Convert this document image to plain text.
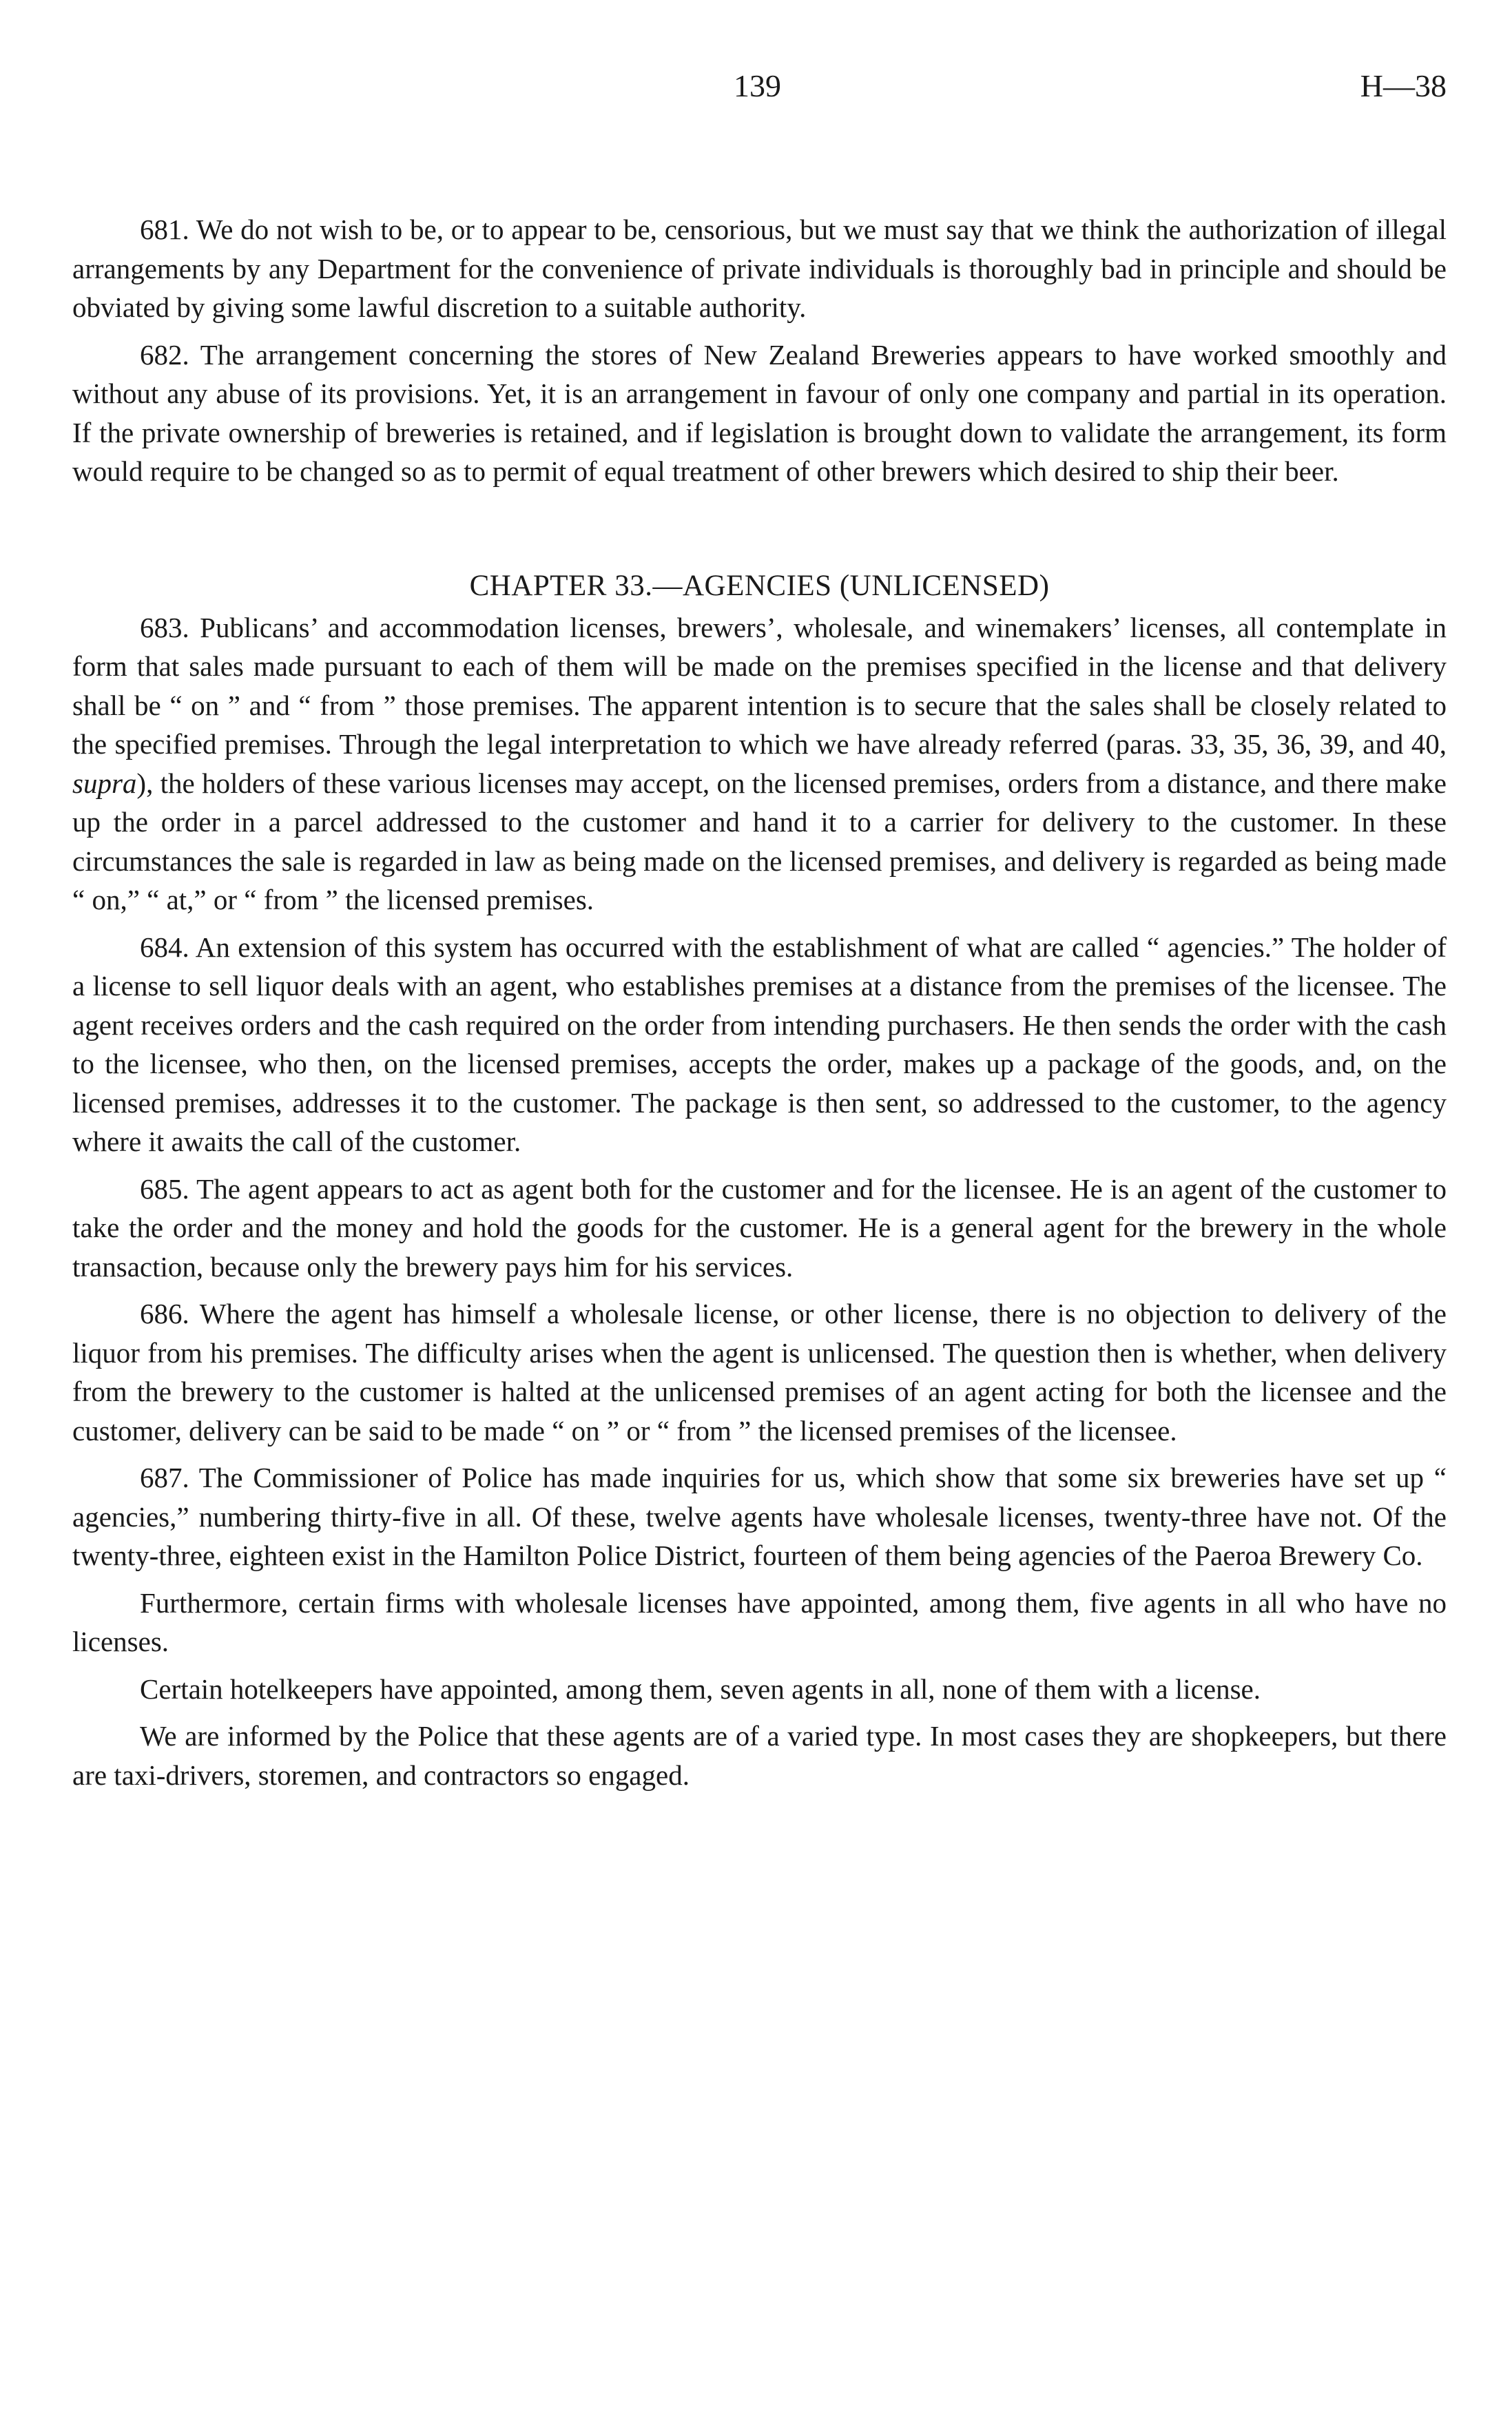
139	H—38

681. We do not wish to be, or to appear to be, censorious, but we must say that we think the authorization of illegal arrangements by any Department for the convenience of private individuals is thoroughly bad in principle and should be obviated by giving some lawful discretion to a suitable authority.

682. The arrangement concerning the stores of New Zealand Breweries appears to have worked smoothly and without any abuse of its provisions. Yet, it is an arrangement in favour of only one company and partial in its operation. If the private ownership of breweries is retained, and if legislation is brought down to validate the arrangement, its form would require to be changed so as to permit of equal treatment of other brewers which desired to ship their beer.

CHAPTER 33.—AGENCIES (UNLICENSED)

683. Publicans’ and accommodation licenses, brewers’, wholesale, and winemakers’ licenses, all contemplate in form that sales made pursuant to each of them will be made on the premises specified in the license and that delivery shall be “ on ” and “ from ” those premises. The apparent intention is to secure that the sales shall be closely related to the specified premises. Through the legal interpretation to which we have already referred (paras. 33, 35, 36, 39, and 40, supra), the holders of these various licenses may accept, on the licensed premises, orders from a distance, and there make up the order in a parcel addressed to the customer and hand it to a carrier for delivery to the customer. In these circumstances the sale is regarded in law as being made on the licensed premises, and delivery is regarded as being made “ on,” “ at,” or “ from ” the licensed premises.

684. An extension of this system has occurred with the establishment of what are called “ agencies.” The holder of a license to sell liquor deals with an agent, who establishes premises at a distance from the premises of the licensee. The agent receives orders and the cash required on the order from intending purchasers. He then sends the order with the cash to the licensee, who then, on the licensed premises, accepts the order, makes up a package of the goods, and, on the licensed premises, addresses it to the customer. The package is then sent, so addressed to the customer, to the agency where it awaits the call of the customer.

685. The agent appears to act as agent both for the customer and for the licensee. He is an agent of the customer to take the order and the money and hold the goods for the customer. He is a general agent for the brewery in the whole transaction, because only the brewery pays him for his services.

686. Where the agent has himself a wholesale license, or other license, there is no objection to delivery of the liquor from his premises. The difficulty arises when the agent is unlicensed. The question then is whether, when delivery from the brewery to the customer is halted at the unlicensed premises of an agent acting for both the licensee and the customer, delivery can be said to be made “ on ” or “ from ” the licensed premises of the licensee.

687. The Commissioner of Police has made inquiries for us, which show that some six breweries have set up “ agencies,” numbering thirty-five in all. Of these, twelve agents have wholesale licenses, twenty-three have not. Of the twenty-three, eighteen exist in the Hamilton Police District, fourteen of them being agencies of the Paeroa Brewery Co.

Furthermore, certain firms with wholesale licenses have appointed, among them, five agents in all who have no licenses.

Certain hotelkeepers have appointed, among them, seven agents in all, none of them with a license.

We are informed by the Police that these agents are of a varied type. In most cases they are shopkeepers, but there are taxi-drivers, storemen, and contractors so engaged.
